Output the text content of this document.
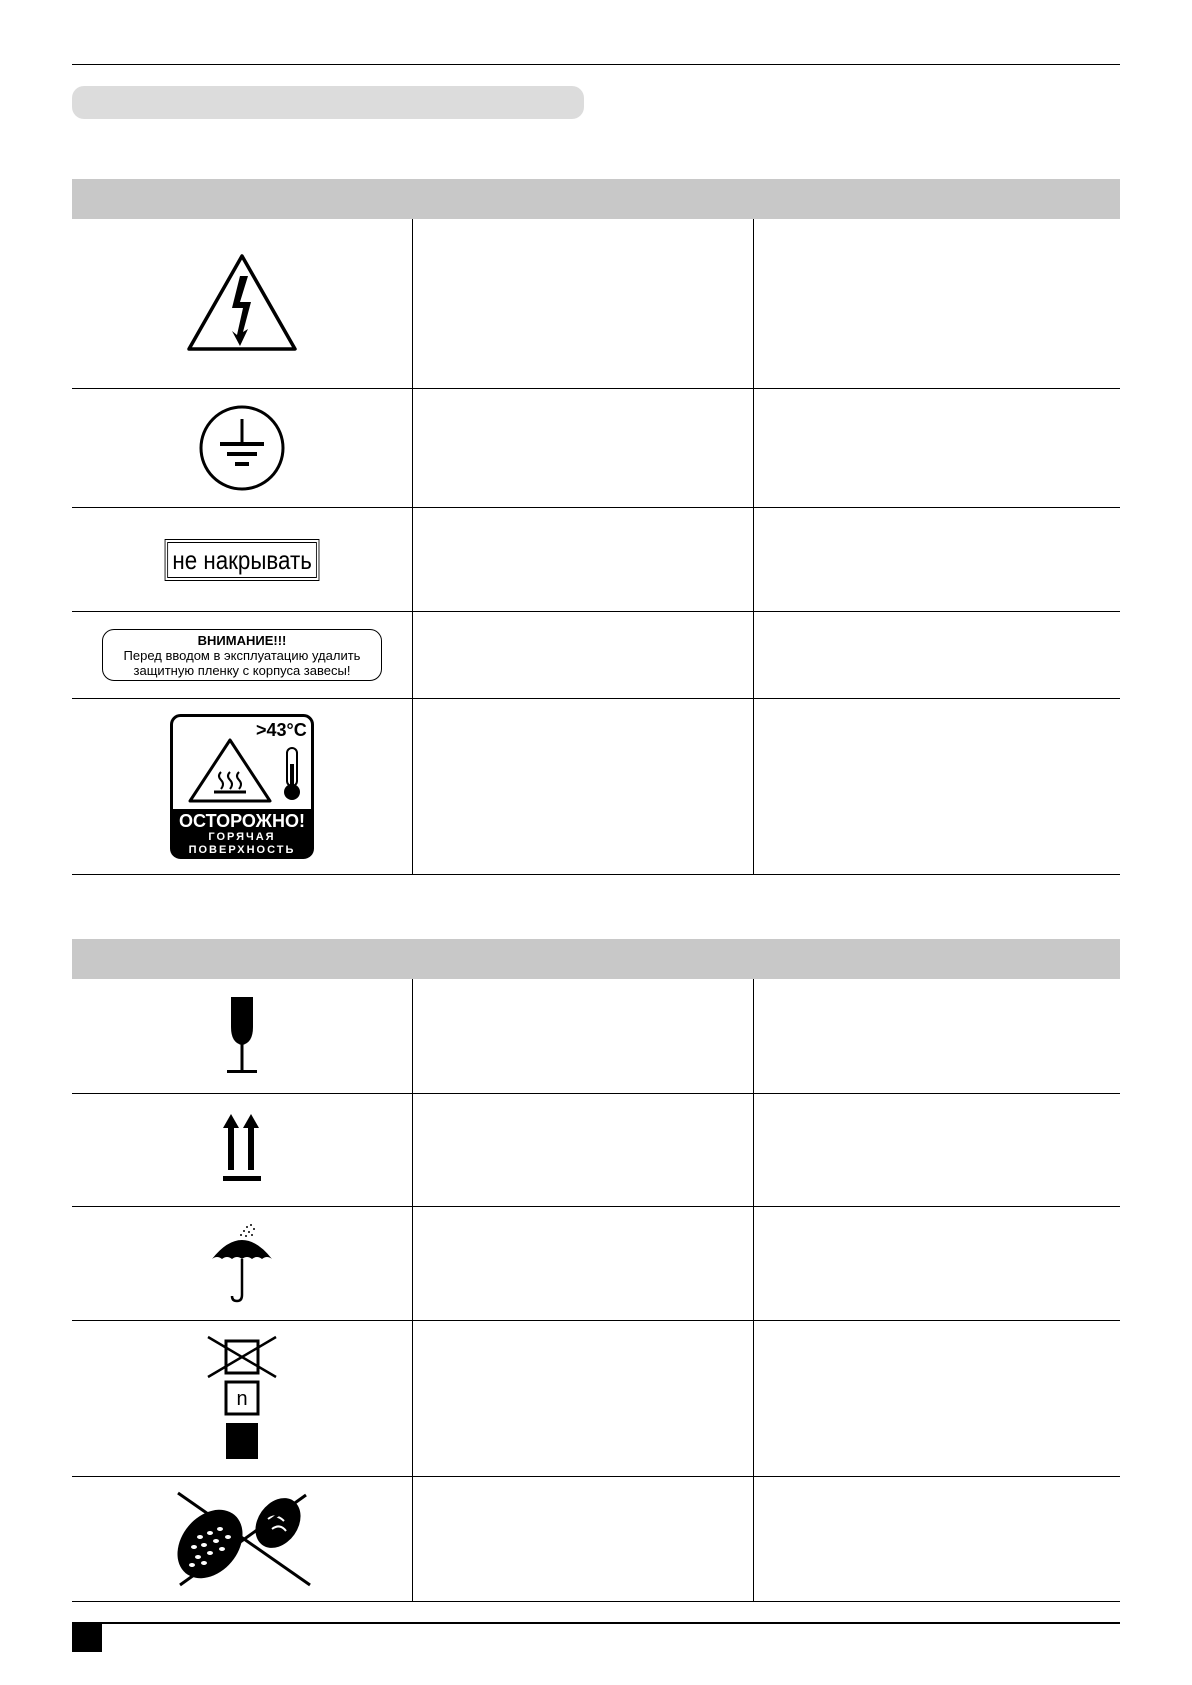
не накрывать
ВНИМАНИЕ!!!
Перед вводом в эксплуатацию удалить
защитную пленку с корпуса завесы!
>43°C
ОСТОРОЖНО!
ГОРЯЧАЯ
ПОВЕРХНОСТЬ
n
